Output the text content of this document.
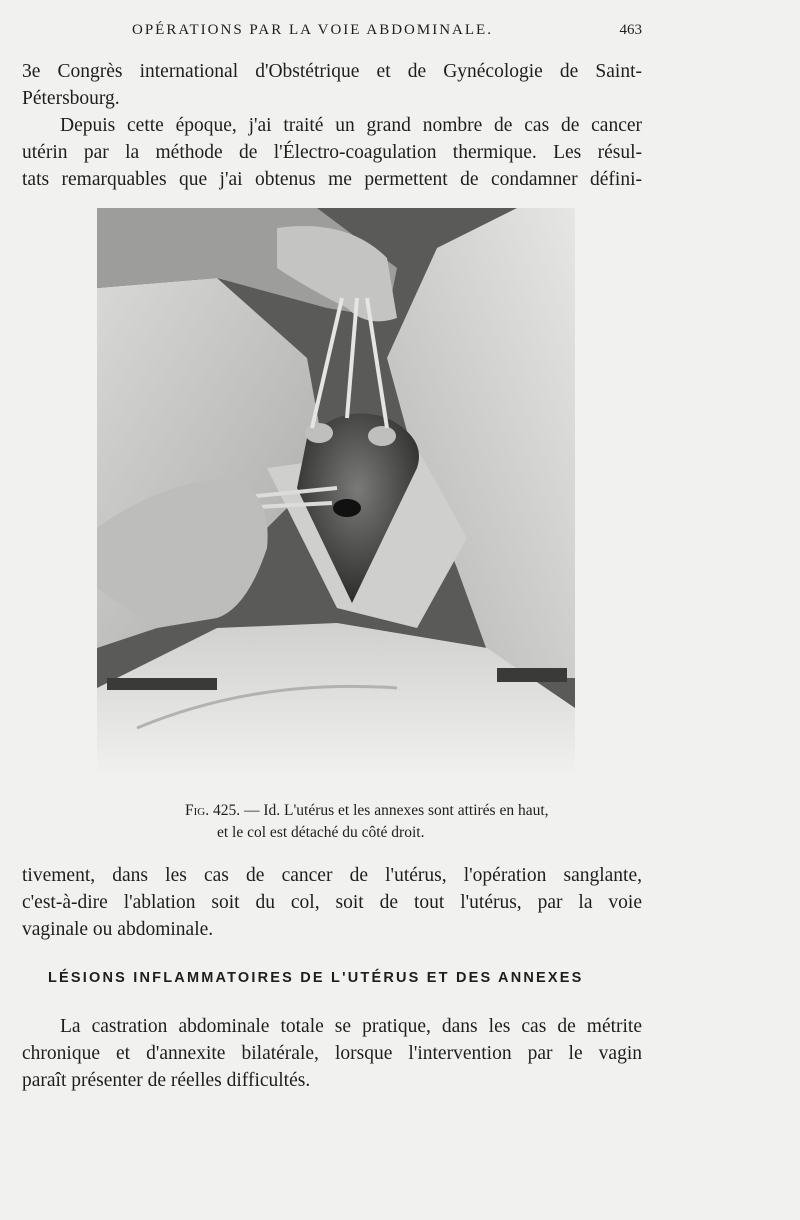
OPÉRATIONS PAR LA VOIE ABDOMINALE.	463

3e Congrès international d'Obstétrique et de Gynécologie de Saint-
Pétersbourg.

Depuis cette époque, j'ai traité un grand nombre de cas de cancer
utérin par la méthode de l'Électro-coagulation thermique. Les résul-
tats remarquables que j'ai obtenus me permettent de condamner défini-

Fig. 425. — Id. L'utérus et les annexes sont attirés en haut,
et le col est détaché du côté droit.

tivement, dans les cas de cancer de l'utérus, l'opération sanglante,
c'est-à-dire l'ablation soit du col, soit de tout l'utérus, par la voie
vaginale ou abdominale.

LÉSIONS INFLAMMATOIRES DE L'UTÉRUS ET DES ANNEXES

La castration abdominale totale se pratique, dans les cas de métrite
chronique et d'annexite bilatérale, lorsque l'intervention par le vagin
paraît présenter de réelles difficultés.
